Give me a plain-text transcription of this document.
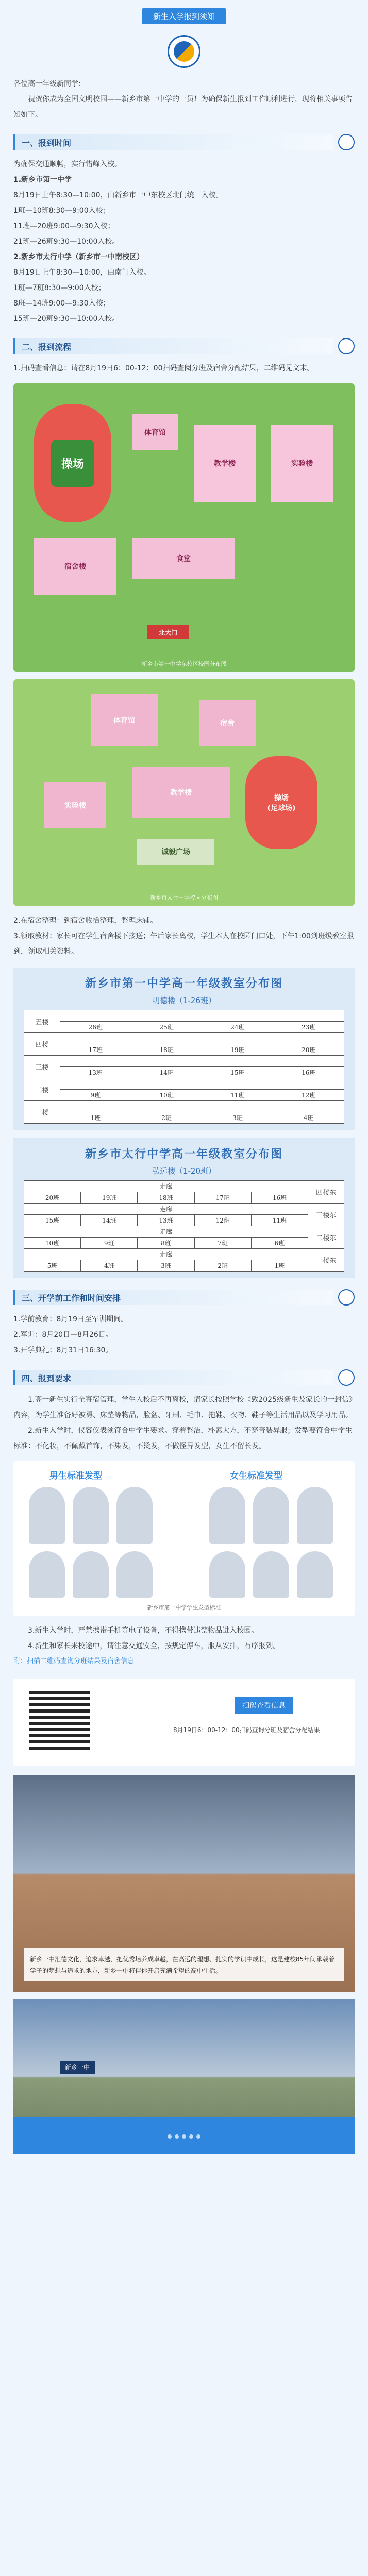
新生入学报到须知

各位高一年级新同学:

祝贺你成为全国文明校园——新乡市第一中学的一员！为确保新生报到工作顺利进行，现将相关事项告知如下。

一、报到时间

为确保交通顺畅，实行错峰入校。

1.新乡市第一中学

8月19日上午8:30—10:00，由新乡市一中东校区北门统一入校。

1班—10班8:30—9:00入校；

11班—20班9:00—9:30入校；

21班—26班9:30—10:00入校。

2.新乡市太行中学（新乡市一中南校区）

8月19日上午8:30—10:00，由南门入校。

1班—7班8:30—9:00入校；

8班—14班9:00—9:30入校；

15班—20班9:30—10:00入校。

二、报到流程

1.扫码查看信息：请在8月19日6：00-12：00扫码查阅分班及宿舍分配结果，二维码见文末。

操场
体育馆
教学楼	实验楼
宿舍楼
食堂
北大门
新乡市第一中学东校区校园分布图
体育馆	宿舍
教学楼
操场
(足球场)
实验楼
诚毅广场
新乡市太行中学校园分布图

2.在宿舍整理：到宿舍收拾整理，整理床铺。

3.领取教材：家长可在学生宿舍楼下接送；午后家长离校，学生本人在校园门口处，下午1:00到班级教室报到，领取相关资料。

新乡市第一中学高一年级教室分布图
明德楼（1-26班）
五楼				
	26班	25班	24班	23班
四楼				
	17班	18班	19班	20班
三楼				
	13班	14班	15班	16班
二楼				
	9班	10班	11班	12班
一楼				
	1班	2班	3班	4班
新乡市太行中学高一年级教室分布图
弘远楼（1-20班）
走廊					四楼东
20班	19班	18班	17班	16班	
走廊					三楼东
15班	14班	13班	12班	11班	
走廊					二楼东
10班	9班	8班	7班	6班	
走廊					一楼东
5班	4班	3班	2班	1班	
三、开学前工作和时间安排

1.学前教育：8月19日至军训期间。

2.军训：8月20日—8月26日。

3.开学典礼：8月31日16:30。

四、报到要求

1.高一新生实行全寄宿管理，学生入校后不再离校，请家长按照学校《致2025级新生及家长的一封信》内容，为学生准备好被褥、床垫等物品，脸盆、牙刷、毛巾、拖鞋、衣物、鞋子等生活用品以及学习用品。

2.新生入学时，仪容仪表须符合中学生要求。穿着整洁，朴素大方，不穿奇装异服；发型要符合中学生标准：不化妆，不佩戴首饰，不染发，不烫发，不做怪异发型，女生不留长发。

男生标准发型	女生标准发型
新乡市第一中学学生发型标准

3.新生入学时，严禁携带手机等电子设备，不得携带违禁物品进入校园。

4.新生和家长来校途中，请注意交通安全，按规定停车，服从安排，有序报到。

附：扫描二维码查询分班结果及宿舍信息

扫码查看信息
8月19日6：00-12：00扫码查询分班及宿舍分配结果
新乡一中汇德文化，追求卓越，把优秀培养成卓越，在高远的理想、扎实的学识中成长，这是建校85年间承载着学子的梦想与追求的地方，新乡一中将伴你开启充满希望的高中生活。
新乡一中
